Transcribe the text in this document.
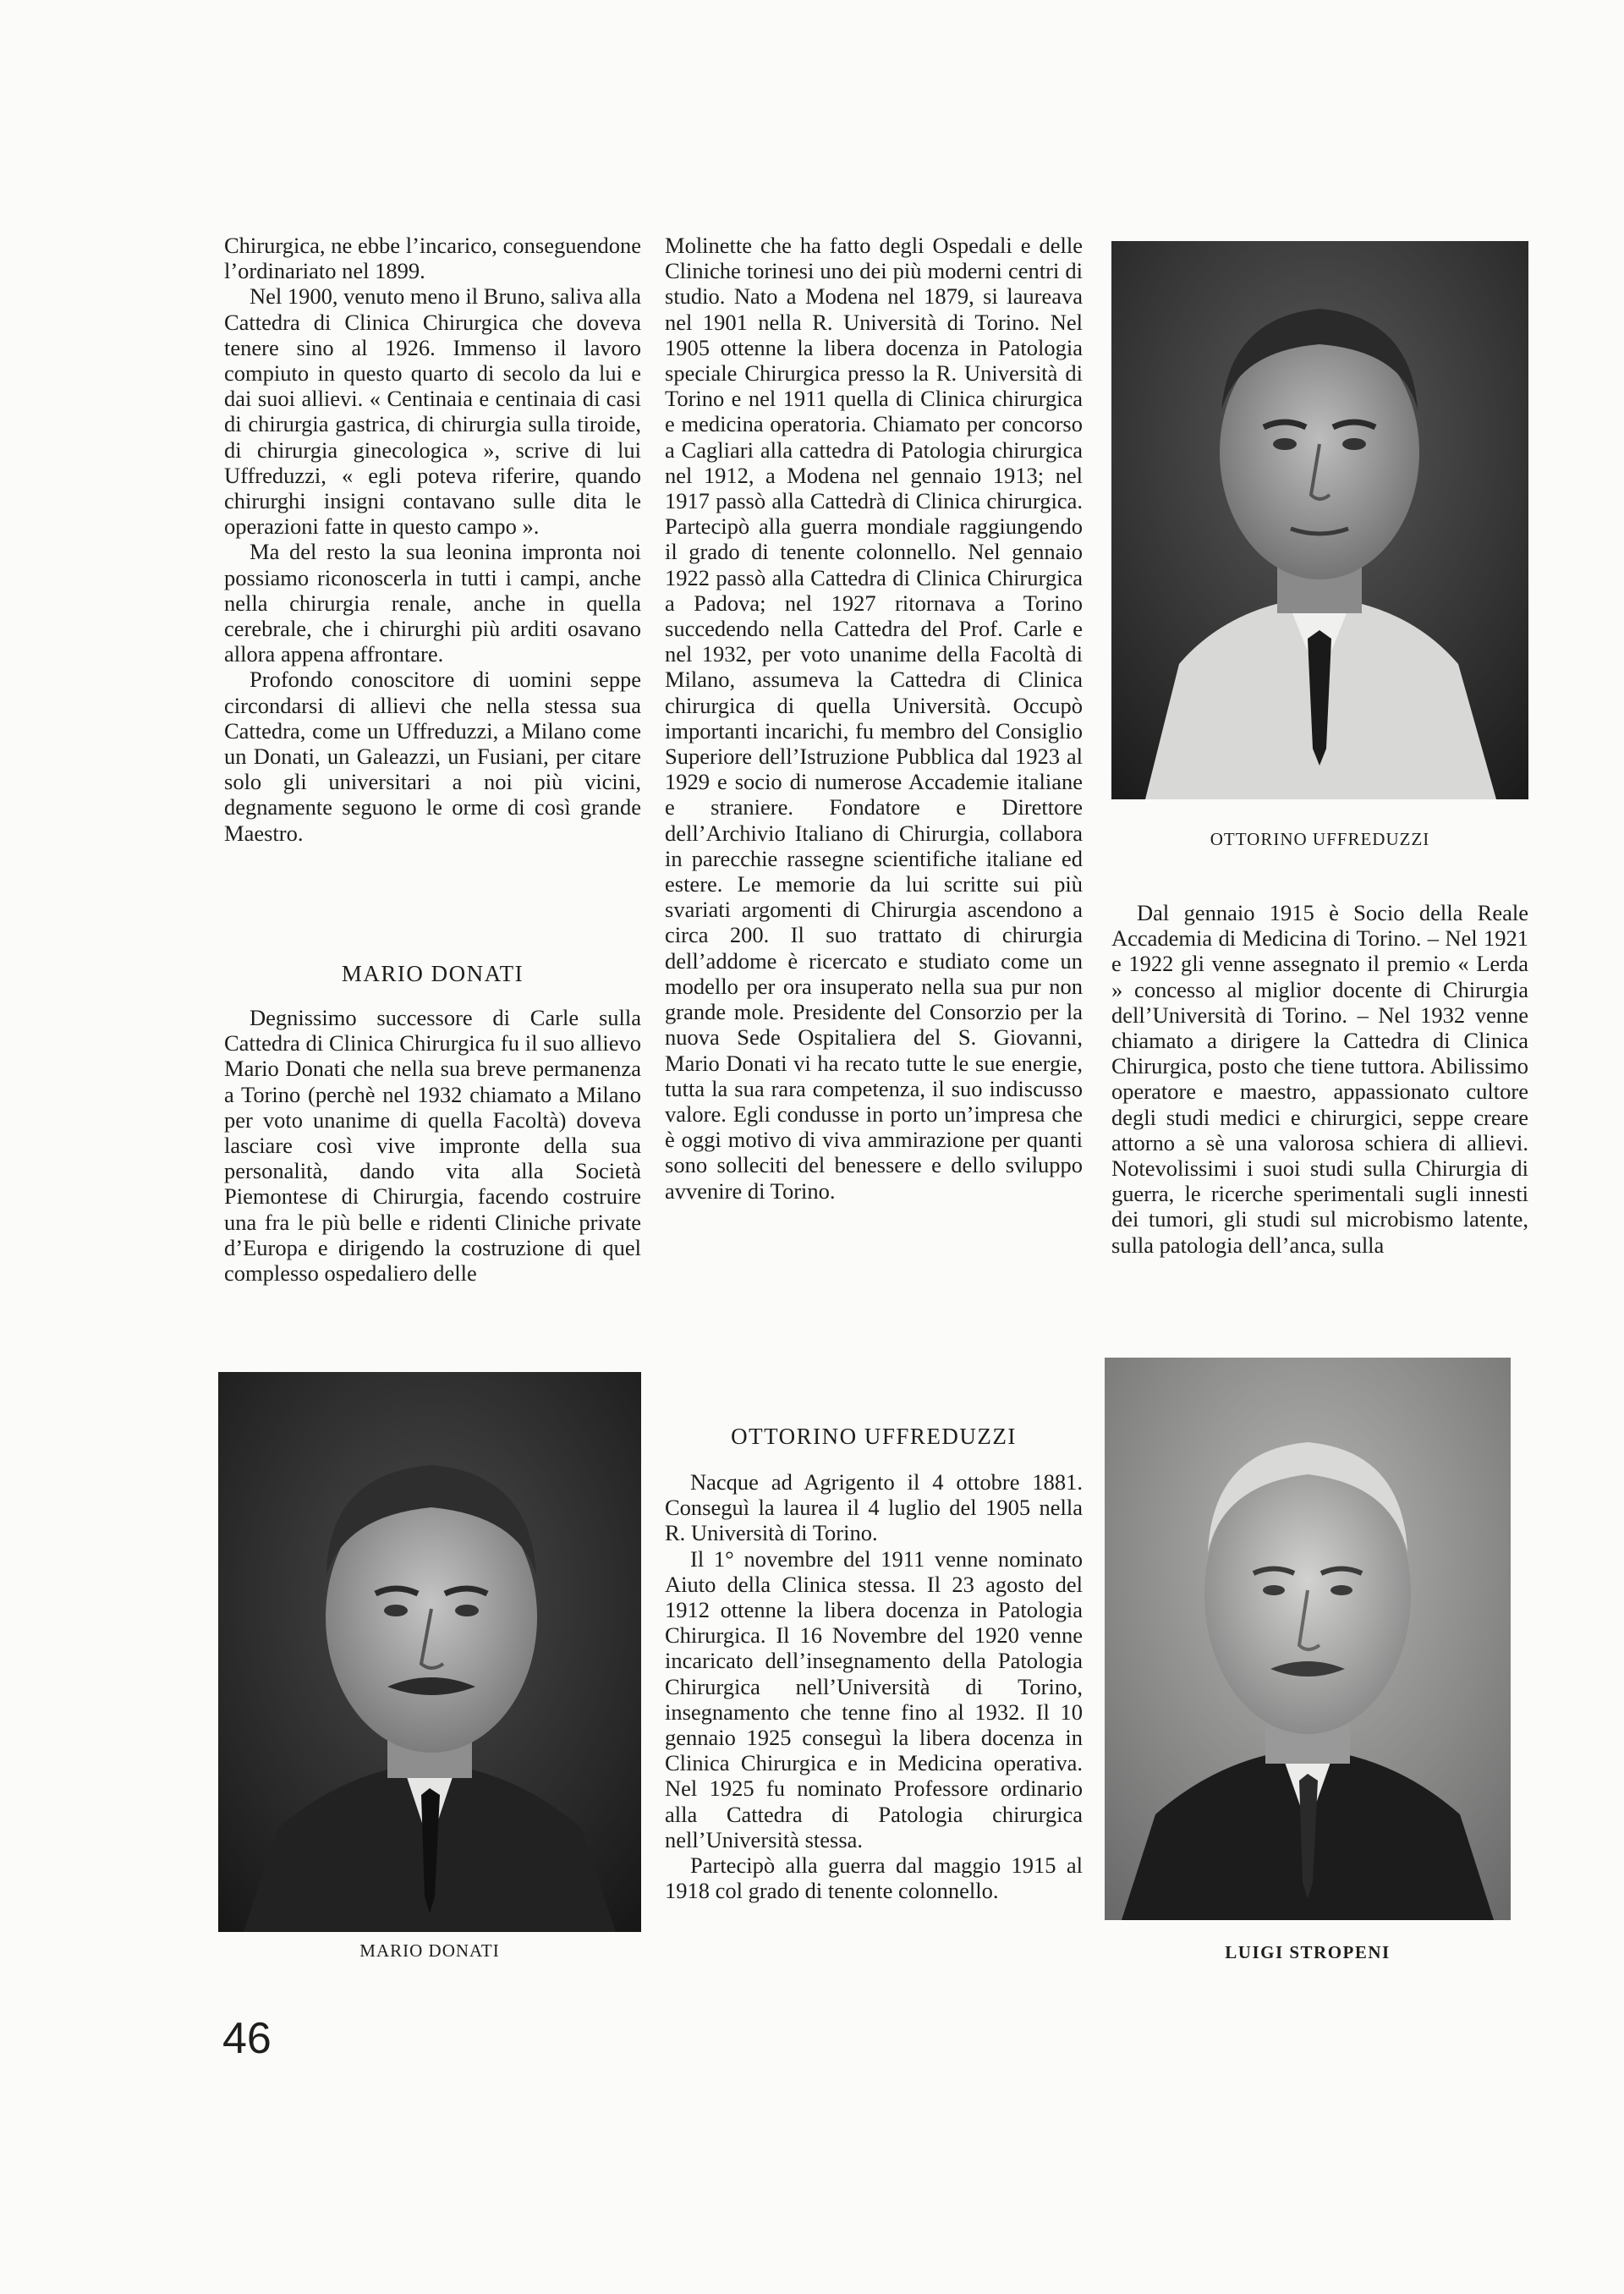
Chirurgica, ne ebbe l’incarico, conseguendone l’ordinariato nel 1899.

Nel 1900, venuto meno il Bruno, saliva alla Cattedra di Clinica Chirurgica che doveva tenere sino al 1926. Immenso il lavoro compiuto in questo quarto di secolo da lui e dai suoi allievi. « Centinaia e centinaia di casi di chirurgia gastrica, di chirurgia sulla tiroide, di chirurgia ginecologica », scrive di lui Uffreduzzi, « egli poteva riferire, quando chirurghi insigni contavano sulle dita le operazioni fatte in questo campo ».

Ma del resto la sua leonina impronta noi possiamo riconoscerla in tutti i campi, anche nella chirurgia renale, anche in quella cerebrale, che i chirurghi più arditi osavano allora appena affrontare.

Profondo conoscitore di uomini seppe circondarsi di allievi che nella stessa sua Cattedra, come un Uffreduzzi, a Milano come un Donati, un Galeazzi, un Fusiani, per citare solo gli universitari a noi più vicini, degnamente seguono le orme di così grande Maestro.

MARIO DONATI

Degnissimo successore di Carle sulla Cattedra di Clinica Chirurgica fu il suo allievo Mario Donati che nella sua breve permanenza a Torino (perchè nel 1932 chiamato a Milano per voto unanime di quella Facoltà) doveva lasciare così vive impronte della sua personalità, dando vita alla Società Piemontese di Chirurgia, facendo costruire una fra le più belle e ridenti Cliniche private d’Europa e dirigendo la costruzione di quel complesso ospedaliero delle

Molinette che ha fatto degli Ospedali e delle Cliniche torinesi uno dei più moderni centri di studio. Nato a Modena nel 1879, si laureava nel 1901 nella R. Università di Torino. Nel 1905 ottenne la libera docenza in Patologia speciale Chirurgica presso la R. Università di Torino e nel 1911 quella di Clinica chirurgica e medicina operatoria. Chiamato per concorso a Cagliari alla cattedra di Patologia chirurgica nel 1912, a Modena nel gennaio 1913; nel 1917 passò alla Cattedrà di Clinica chirurgica. Partecipò alla guerra mondiale raggiungendo il grado di tenente colonnello. Nel gennaio 1922 passò alla Cattedra di Clinica Chirurgica a Padova; nel 1927 ritornava a Torino succedendo nella Cattedra del Prof. Carle e nel 1932, per voto unanime della Facoltà di Milano, assumeva la Cattedra di Clinica chirurgica di quella Università. Occupò importanti incarichi, fu membro del Consiglio Superiore dell’Istruzione Pubblica dal 1923 al 1929 e socio di numerose Accademie italiane e straniere. Fondatore e Direttore dell’Archivio Italiano di Chirurgia, collabora in parecchie rassegne scientifiche italiane ed estere. Le memorie da lui scritte sui più svariati argomenti di Chirurgia ascendono a circa 200. Il suo trattato di chirurgia dell’addome è ricercato e studiato come un modello per ora insuperato nella sua pur non grande mole. Presidente del Consorzio per la nuova Sede Ospitaliera del S. Giovanni, Mario Donati vi ha recato tutte le sue energie, tutta la sua rara competenza, il suo indiscusso valore. Egli condusse in porto un’impresa che è oggi motivo di viva ammirazione per quanti sono sollecitі del benessere e dello sviluppo avvenire di Torino.

OTTORINO UFFREDUZZI

Nacque ad Agrigento il 4 ottobre 1881. Conseguì la laurea il 4 luglio del 1905 nella R. Università di Torino.

Il 1° novembre del 1911 venne nominato Aiuto della Clinica stessa. Il 23 agosto del 1912 ottenne la libera docenza in Patologia Chirurgica. Il 16 Novembre del 1920 venne incaricato dell’insegnamento della Patologia Chirurgica nell’Università di Torino, insegnamento che tenne fino al 1932. Il 10 gennaio 1925 conseguì la libera docenza in Clinica Chirurgica e in Medicina operativa. Nel 1925 fu nominato Professore ordinario alla Cattedra di Patologia chirurgica nell’Università stessa.

Partecipò alla guerra dal maggio 1915 al 1918 col grado di tenente colonnello.

Dal gennaio 1915 è Socio della Reale Accademia di Medicina di Torino. – Nel 1921 e 1922 gli venne assegnato il premio « Lerda » concesso al miglior docente di Chirurgia dell’Università di Torino. – Nel 1932 venne chiamato a dirigere la Cattedra di Clinica Chirurgica, posto che tiene tuttora. Abilissimo operatore e maestro, appassionato cultore degli studi medici e chirurgici, seppe creare attorno a sè una valorosa schiera di allievi. Notevolissimi i suoi studi sulla Chirurgia di guerra, le ricerche sperimentali sugli innesti dei tumori, gli studi sul microbismo latente, sulla patologia dell’anca, sulla

OTTORINO UFFREDUZZI
MARIO DONATI	LUIGI STROPENI
46
